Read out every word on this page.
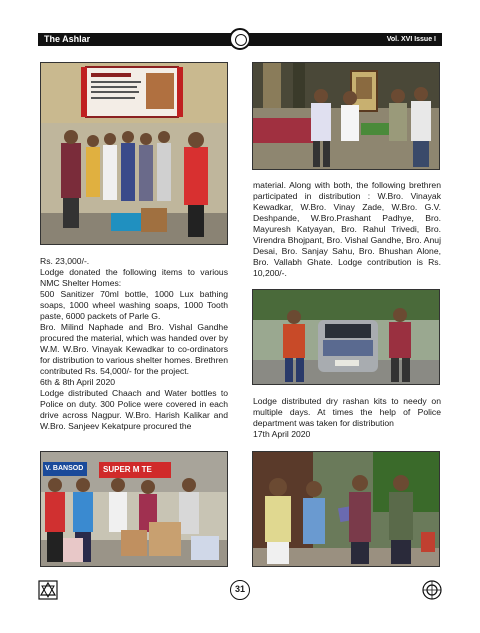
The Ashlar	Vol. XVI Issue I

material. Along with both, the following brethren participated in distribution : W.Bro. Vinayak Kewadkar, W.Bro. Vinay Zade, W.Bro. G.V. Deshpande, W.Bro.Prashant Padhye, Bro. Mayuresh Katyayan, Bro. Rahul Trivedi, Bro. Virendra Bhojpant, Bro. Vishal Gandhe, Bro. Anuj Desai, Bro. Sanjay Sahu, Bro. Bhushan Alone, Bro. Vallabh Ghate. Lodge contribution is Rs. 10,200/-.

Rs. 23,000/-.

Lodge donated the following items to various NMC Shelter Homes:

500 Sanitizer 70ml bottle, 1000 Lux bathing soaps, 1000 wheel washing soaps, 1000 Tooth paste, 6000 packets of Parle G.

Bro. Milind Naphade and Bro. Vishal Gandhe procured the material, which was handed over by W.M. W.Bro. Vinayak Kewadkar to co-ordinators for distribution to various shelter homes. Brethren contributed Rs. 54,000/- for the project.

6th & 8th April 2020

Lodge distributed Chaach and Water bottles to Police on duty. 300 Police were covered in each drive across Nagpur. W.Bro. Harish Kalikar and W.Bro. Sanjeev Kekatpure procured the

Lodge distributed dry rashan kits to needy on multiple days. At times the help of Police department was taken for distribution

17th April 2020

V. BANSOD SUPER M TE
31
